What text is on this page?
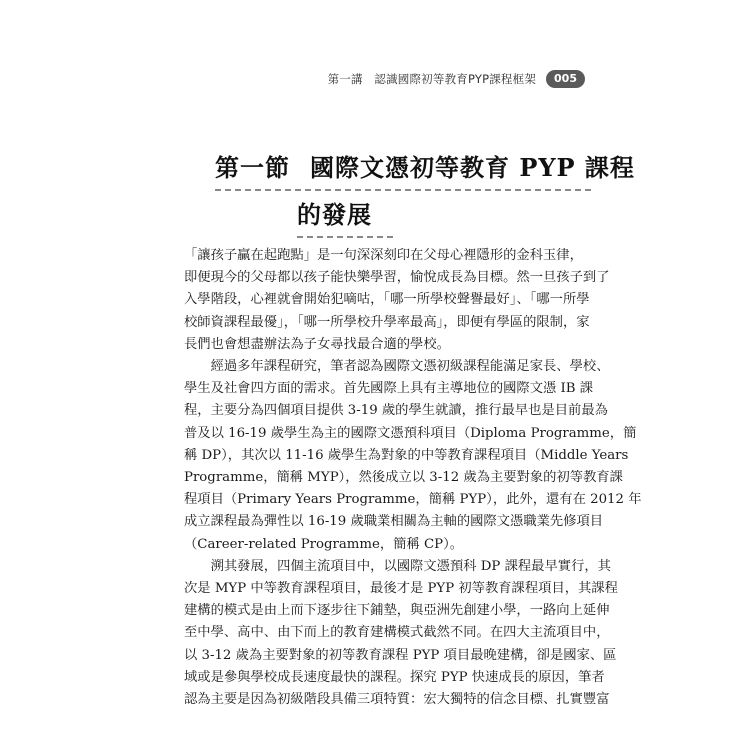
第一講　認識國際初等教育PYP課程框架	005
第一節 國際文憑初等教育 PYP 課程
的發展

「讓孩子贏在起跑點」是一句深深刻印在父母心裡隱形的金科玉律，
即便現今的父母都以孩子能快樂學習，愉悅成長為目標。然一旦孩子到了
入學階段，心裡就會開始犯嘀咕，「哪一所學校聲譽最好」、「哪一所學
校師資課程最優」，「哪一所學校升學率最高」，即便有學區的限制，家
長們也會想盡辦法為子女尋找最合適的學校。

　　經過多年課程研究，筆者認為國際文憑初級課程能滿足家長、學校、
學生及社會四方面的需求。首先國際上具有主導地位的國際文憑 IB 課
程，主要分為四個項目提供 3-19 歲的學生就讀，推行最早也是目前最為
普及以 16-19 歲學生為主的國際文憑預科項目（Diploma Programme，簡
稱 DP），其次以 11-16 歲學生為對象的中等教育課程項目（Middle Years
Programme，簡稱 MYP），然後成立以 3-12 歲為主要對象的初等教育課
程項目（Primary Years Programme，簡稱 PYP），此外，還有在 2012 年
成立課程最為彈性以 16-19 歲職業相關為主軸的國際文憑職業先修項目
（Career-related Programme，簡稱 CP）。

　　溯其發展，四個主流項目中，以國際文憑預科 DP 課程最早實行，其
次是 MYP 中等教育課程項目，最後才是 PYP 初等教育課程項目，其課程
建構的模式是由上而下逐步往下鋪墊，與亞洲先創建小學，一路向上延伸
至中學、高中、由下而上的教育建構模式截然不同。在四大主流項目中，
以 3-12 歲為主要對象的初等教育課程 PYP 項目最晚建構，卻是國家、區
域或是參與學校成長速度最快的課程。探究 PYP 快速成長的原因，筆者
認為主要是因為初級階段具備三項特質：宏大獨特的信念目標、扎實豐富
